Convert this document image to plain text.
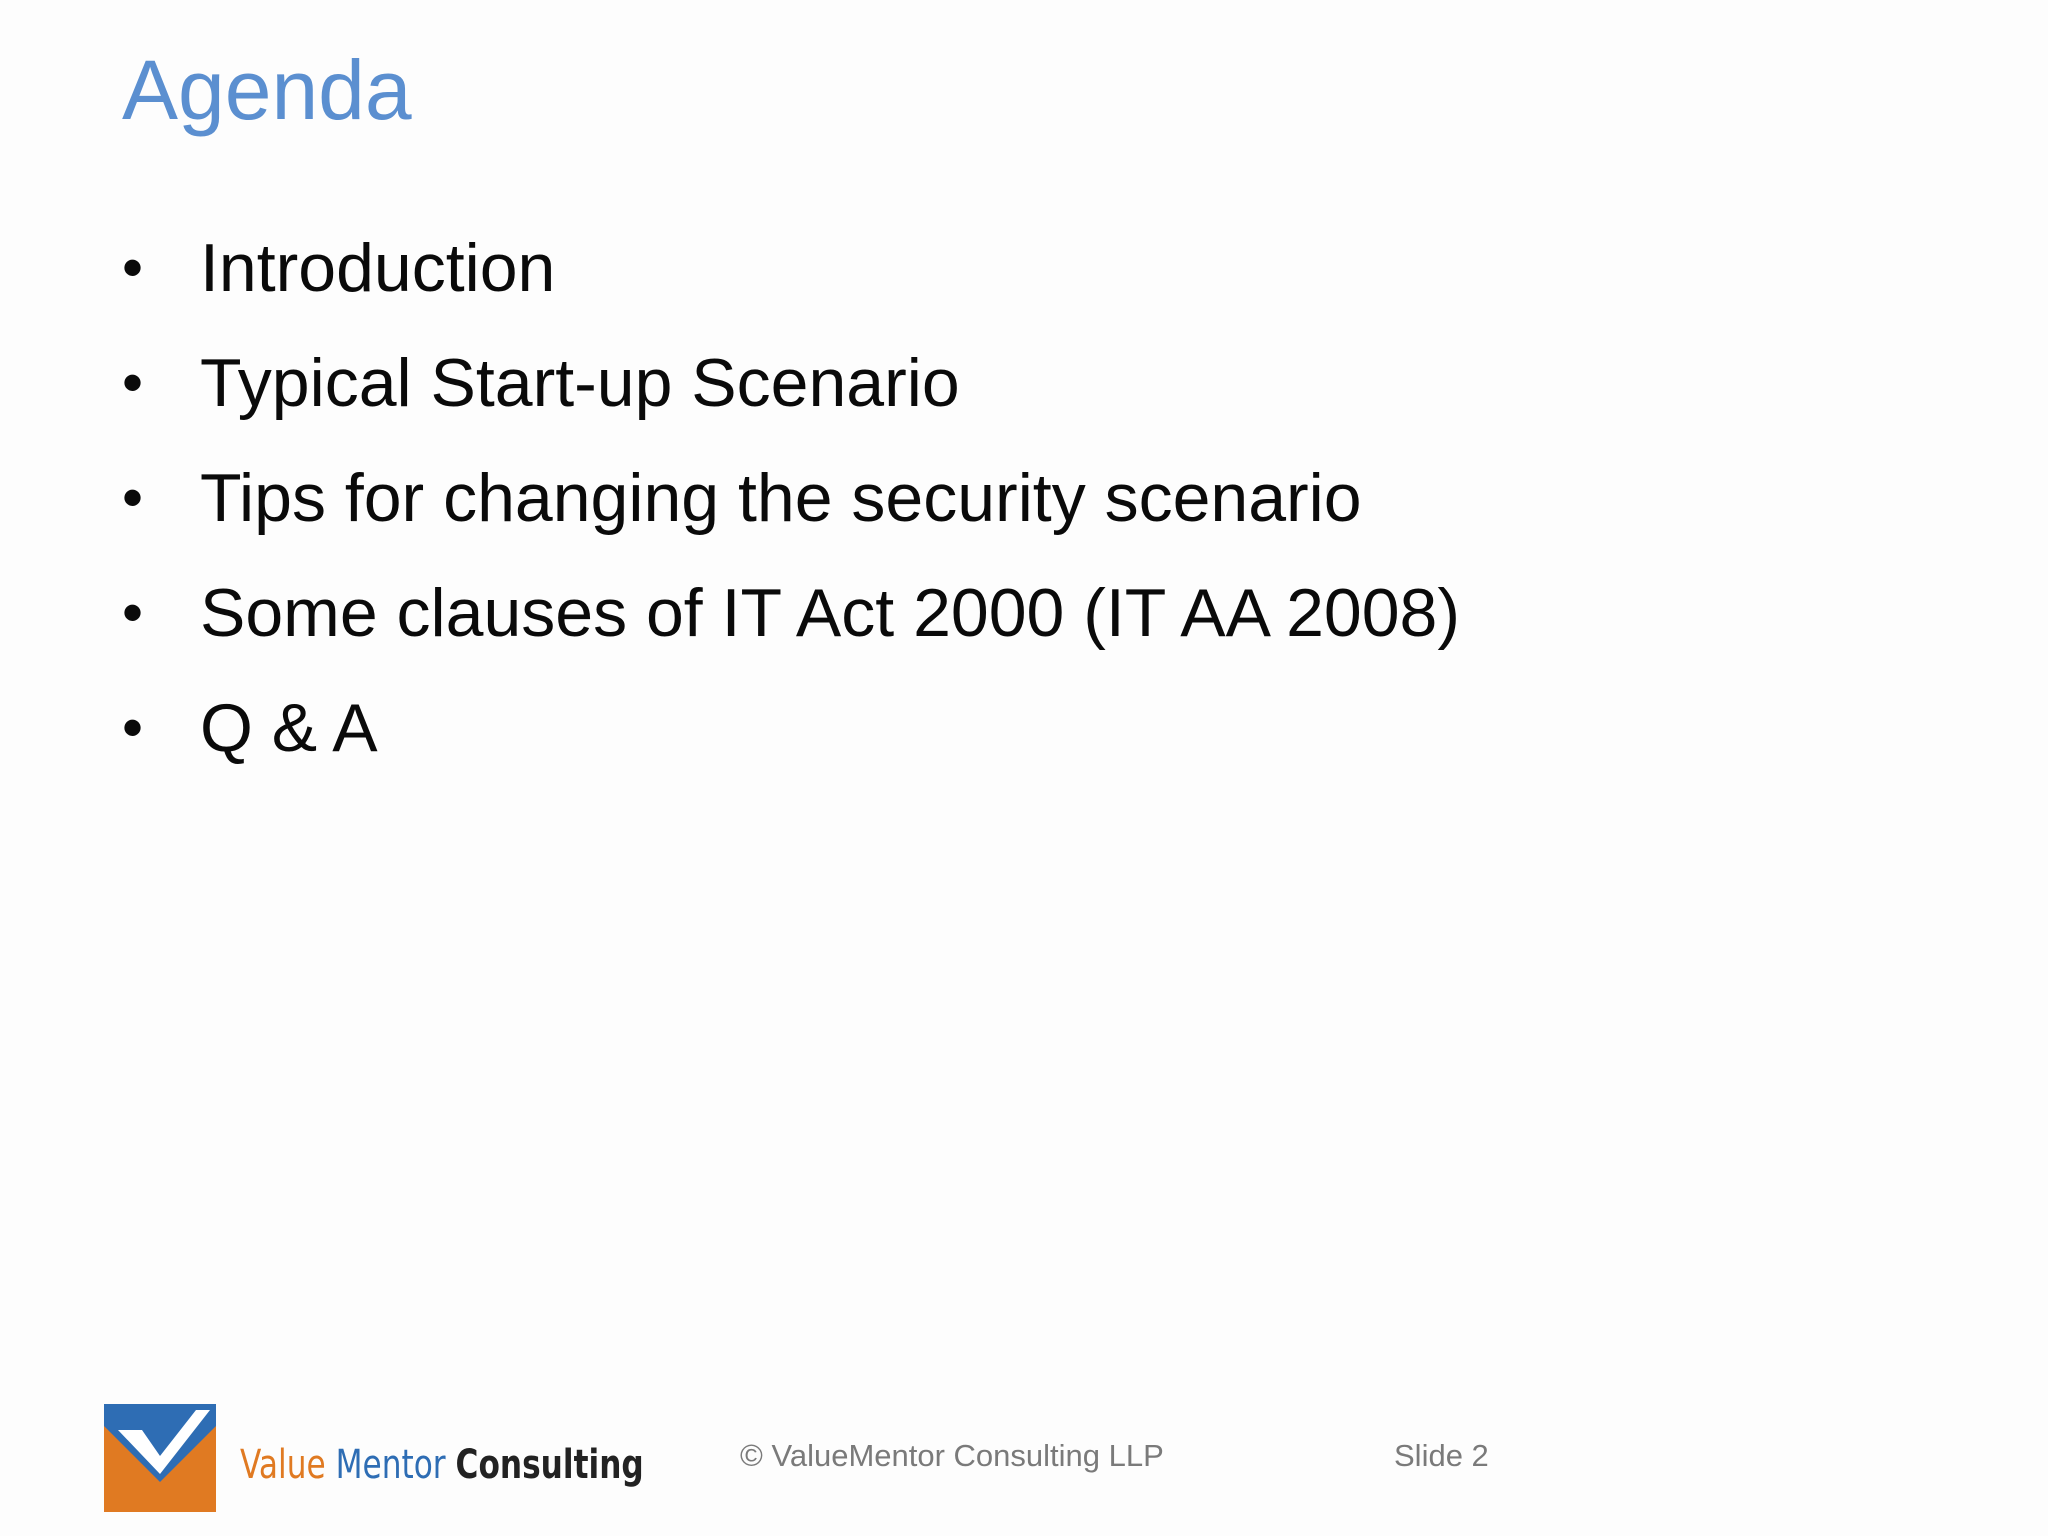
Agenda
• Introduction
• Typical Start-up Scenario
• Tips for changing the security scenario
• Some clauses of IT Act 2000 (IT AA 2008)
• Q & A
Value Mentor Consulting	© ValueMentor Consulting LLP	Slide 2
